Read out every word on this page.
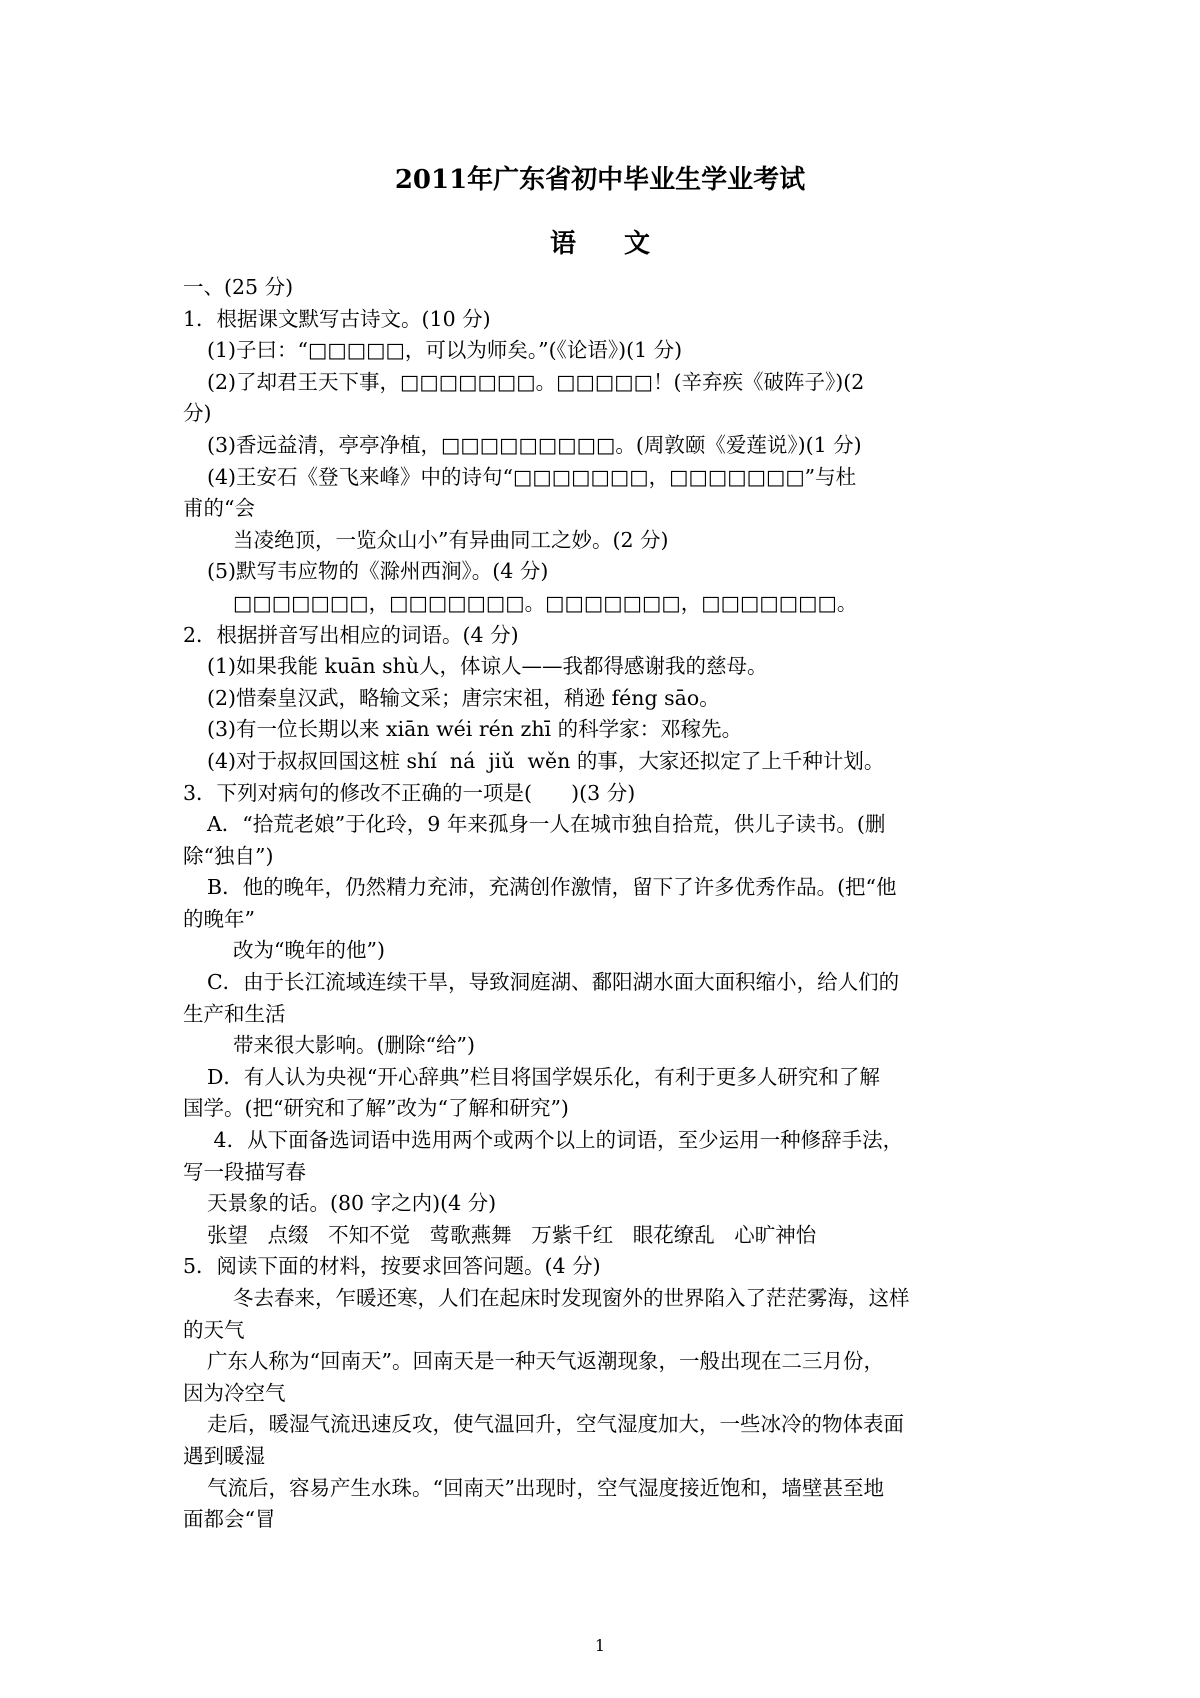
2011年广东省初中毕业生学业考试
语文

一、(25 分)

1．根据课文默写古诗文。(10 分)

(1)子曰：“□□□□□，可以为师矣。”(《论语》)(1 分)

(2)了却君王天下事，□□□□□□□。□□□□□！(辛弃疾《破阵子》)(2

分)

(3)香远益清，亭亭净植，□□□□□□□□□。(周敦颐《爱莲说》)(1 分)

(4)王安石《登飞来峰》中的诗句“□□□□□□□，□□□□□□□”与杜

甫的“会

当凌绝顶，一览众山小”有异曲同工之妙。(2 分)

(5)默写韦应物的《滁州西涧》。(4 分)

□□□□□□□，□□□□□□□。□□□□□□□，□□□□□□□。

2．根据拼音写出相应的词语。(4 分)

(1)如果我能 kuān shù人，体谅人——我都得感谢我的慈母。

(2)惜秦皇汉武，略输文采；唐宗宋祖，稍逊 féng sāo。

(3)有一位长期以来 xiān wéi rén zhī 的科学家：邓稼先。

(4)对于叔叔回国这桩 shí  ná  jiǔ  wěn 的事，大家还拟定了上千种计划。

3．下列对病句的修改不正确的一项是(      )(3 分)

A．“拾荒老娘”于化玲，9 年来孤身一人在城市独自拾荒，供儿子读书。(删

除“独自”)

B．他的晚年，仍然精力充沛，充满创作激情，留下了许多优秀作品。(把“他

的晚年”

改为“晚年的他”)

C．由于长江流域连续干旱，导致洞庭湖、鄱阳湖水面大面积缩小，给人们的

生产和生活

带来很大影响。(删除“给”)

D．有人认为央视“开心辞典”栏目将国学娱乐化，有利于更多人研究和了解

国学。(把“研究和了解”改为“了解和研究”)

4．从下面备选词语中选用两个或两个以上的词语，至少运用一种修辞手法，

写一段描写春

天景象的话。(80 字之内)(4 分)

张望   点缀   不知不觉   莺歌燕舞   万紫千红   眼花缭乱   心旷神怡

5．阅读下面的材料，按要求回答问题。(4 分)

冬去春来，乍暖还寒，人们在起床时发现窗外的世界陷入了茫茫雾海，这样

的天气

广东人称为“回南天”。回南天是一种天气返潮现象，一般出现在二三月份，

因为冷空气

走后，暖湿气流迅速反攻，使气温回升，空气湿度加大，一些冰冷的物体表面

遇到暖湿

气流后，容易产生水珠。“回南天”出现时，空气湿度接近饱和，墙壁甚至地

面都会“冒

1
